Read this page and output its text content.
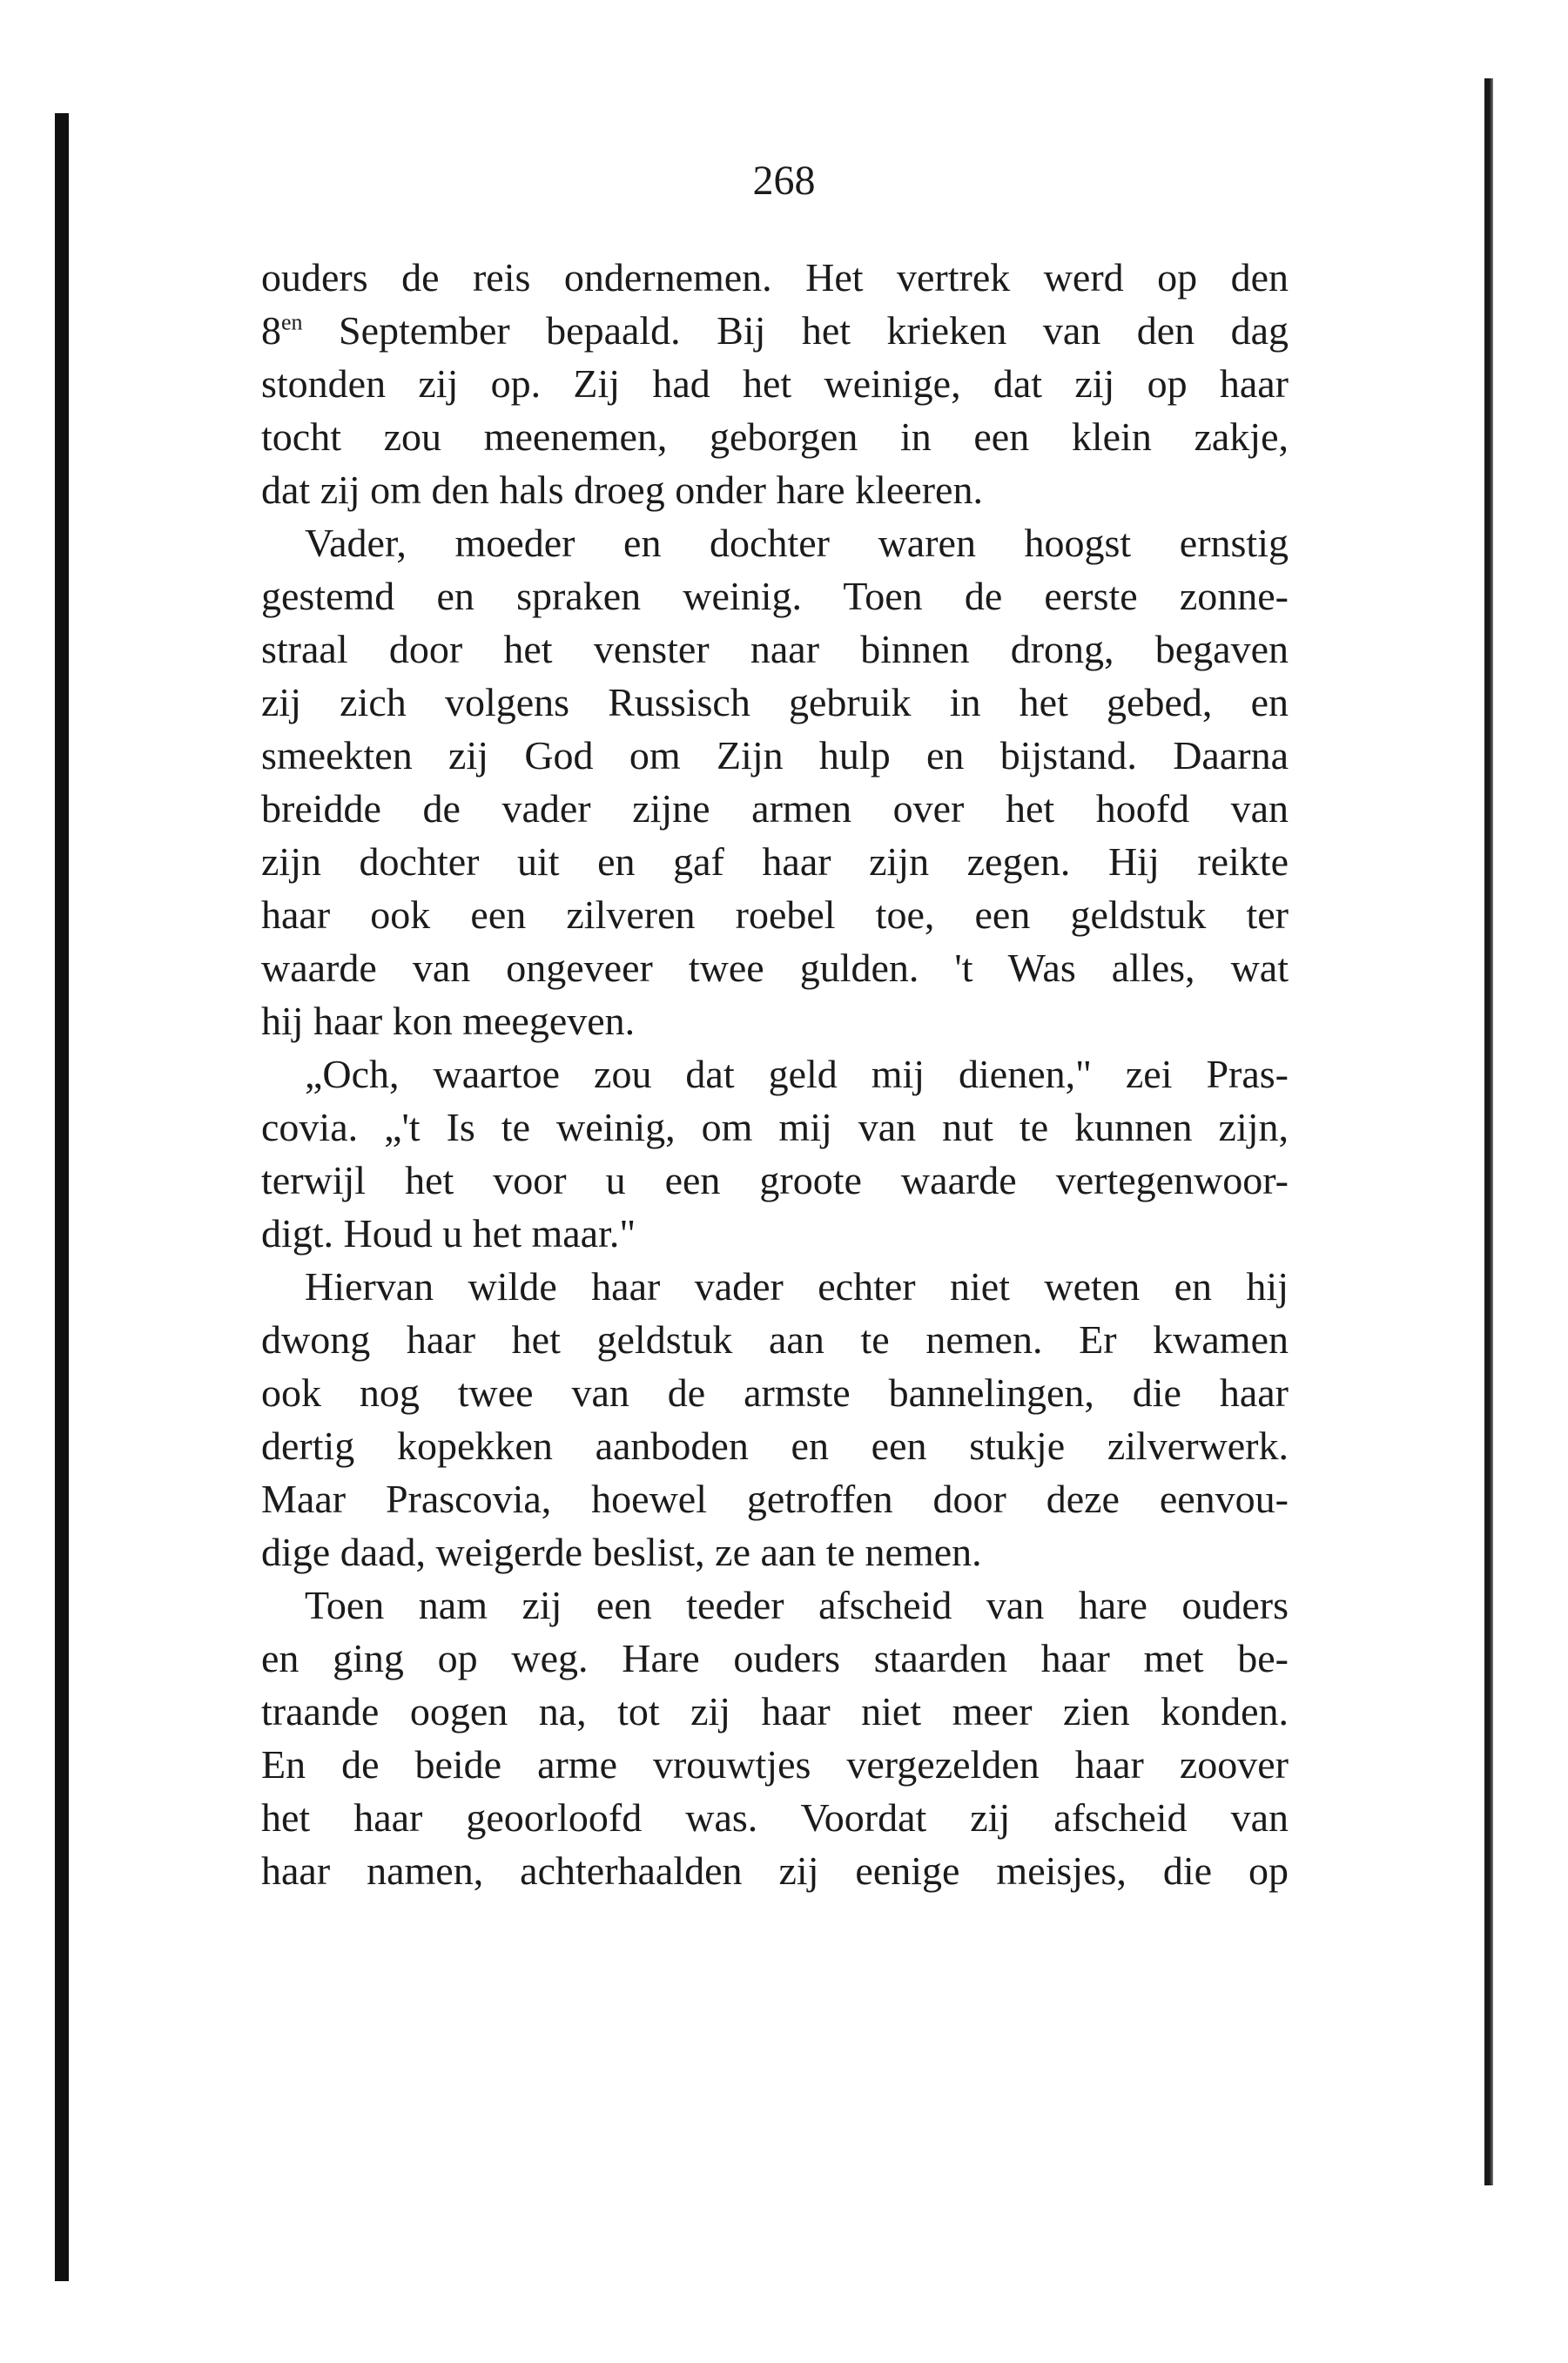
268

ouders de reis ondernemen. Het vertrek werd op den
$8^{en}$ September bepaald. Bij het krieken van den dag
stonden zij op. Zij had het weinige, dat zij op haar
tocht zou meenemen, geborgen in een klein zakje,
dat zij om den hals droeg onder hare kleeren.

Vader, moeder en dochter waren hoogst ernstig
gestemd en spraken weinig. Toen de eerste zonne-
straal door het venster naar binnen drong, begaven
zij zich volgens Russisch gebruik in het gebed, en
smeekten zij God om Zijn hulp en bijstand. Daarna
breidde de vader zijne armen over het hoofd van
zijn dochter uit en gaf haar zijn zegen. Hij reikte
haar ook een zilveren roebel toe, een geldstuk ter
waarde van ongeveer twee gulden. 't Was alles, wat
hij haar kon meegeven.

„Och, waartoe zou dat geld mij dienen," zei Pras-
covia. „'t Is te weinig, om mij van nut te kunnen zijn,
terwijl het voor u een groote waarde vertegenwoor-
digt. Houd u het maar."

Hiervan wilde haar vader echter niet weten en hij
dwong haar het geldstuk aan te nemen. Er kwamen
ook nog twee van de armste bannelingen, die haar
dertig kopekken aanboden en een stukje zilverwerk.
Maar Prascovia, hoewel getroffen door deze eenvou-
dige daad, weigerde beslist, ze aan te nemen.

Toen nam zij een teeder afscheid van hare ouders
en ging op weg. Hare ouders staarden haar met be-
traande oogen na, tot zij haar niet meer zien konden.
En de beide arme vrouwtjes vergezelden haar zoover
het haar geoorloofd was. Voordat zij afscheid van
haar namen, achterhaalden zij eenige meisjes, die op
